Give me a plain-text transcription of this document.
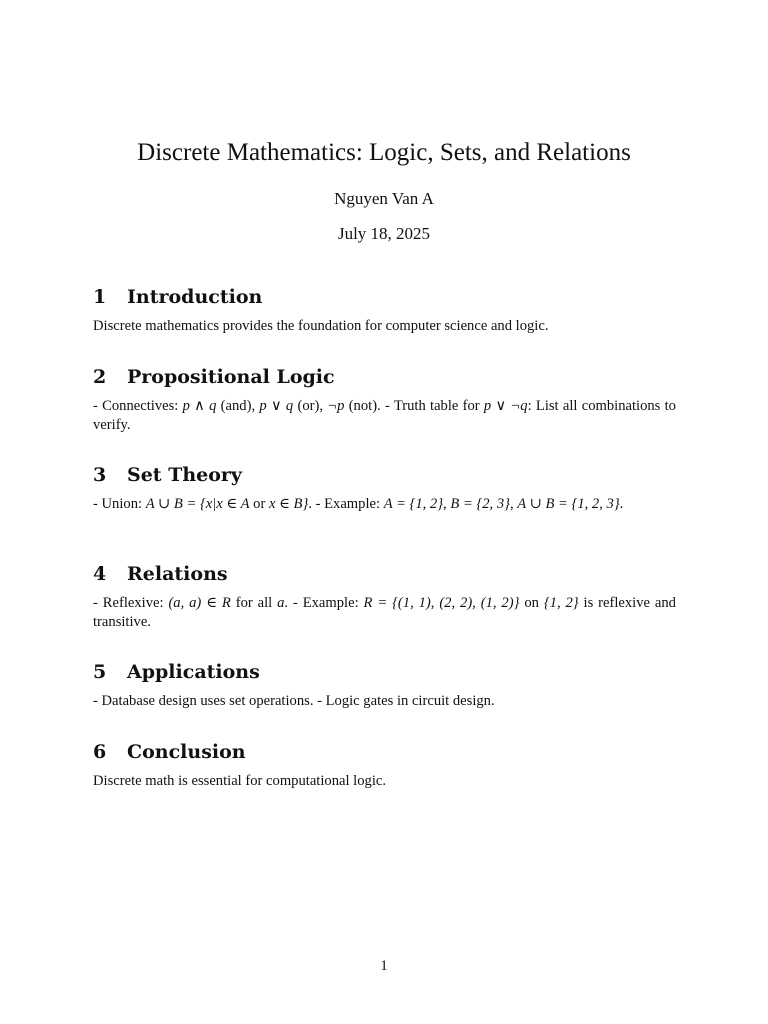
Discrete Mathematics: Logic, Sets, and Relations
Nguyen Van A
July 18, 2025
1 Introduction

Discrete mathematics provides the foundation for computer science and logic.

2 Propositional Logic

- Connectives: p ∧ q (and), p ∨ q (or), ¬p (not). - Truth table for p ∨ ¬q: List all combinations to verify.

3 Set Theory

- Union: A ∪ B = {x|x ∈ A or x ∈ B}. - Example: A = {1, 2}, B = {2, 3}, A ∪ B = {1, 2, 3}.

4 Relations

- Reflexive: (a, a) ∈ R for all a. - Example: R = {(1, 1), (2, 2), (1, 2)} on {1, 2} is reflexive and transitive.

5 Applications

- Database design uses set operations. - Logic gates in circuit design.

6 Conclusion

Discrete math is essential for computational logic.

1
